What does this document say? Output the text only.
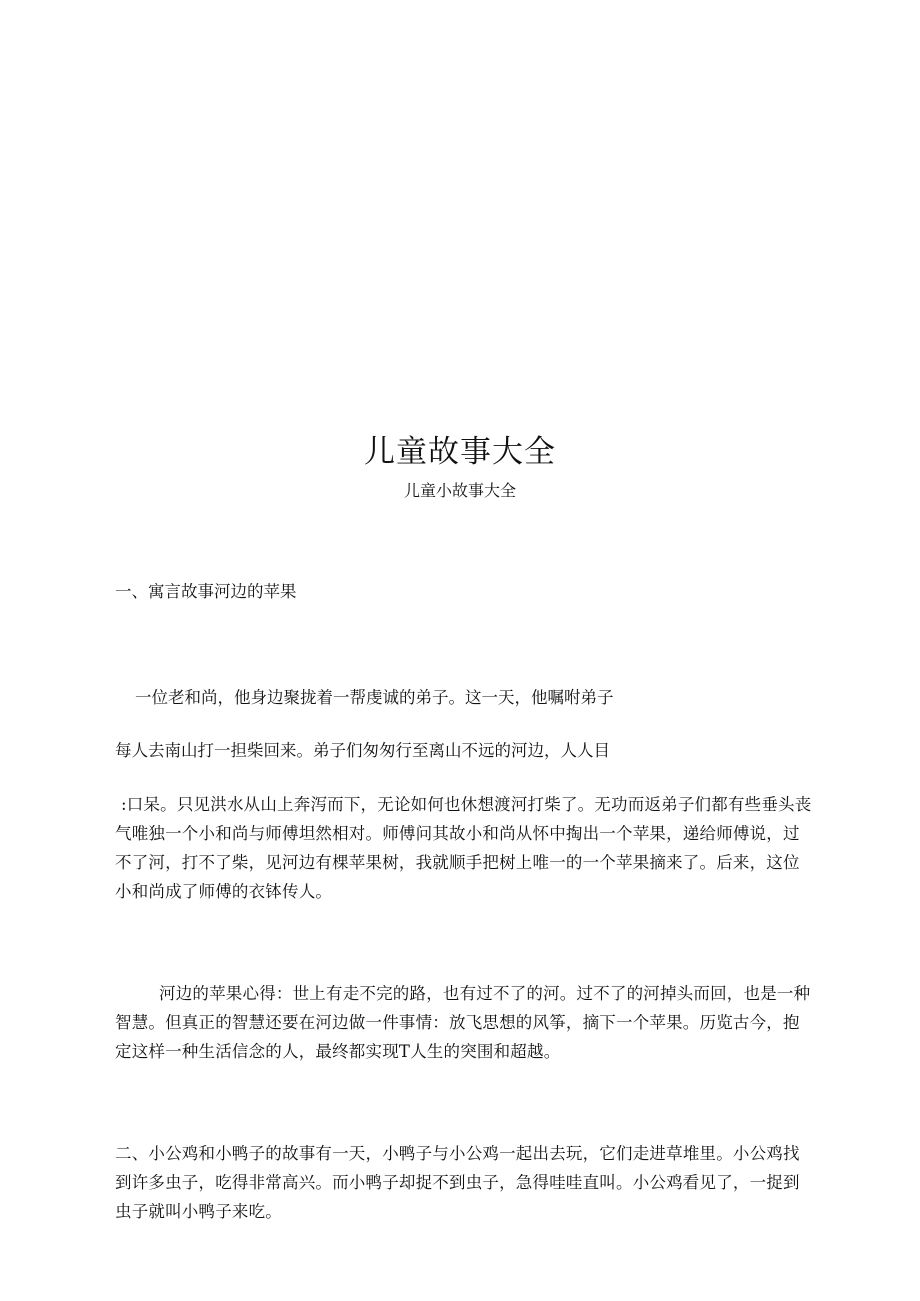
儿童故事大全
儿童小故事大全
一、寓言故事河边的苹果
一位老和尚，他身边聚拢着一帮虔诚的弟子。这一天，他嘱咐弟子
每人去南山打一担柴回来。弟子们匆匆行至离山不远的河边，人人目

:口呆。只见洪水从山上奔泻而下，无论如何也休想渡河打柴了。无功而返弟子们都有些垂头丧气唯独一个小和尚与师傅坦然相对。师傅问其故小和尚从怀中掏出一个苹果，递给师傅说，过不了河，打不了柴，见河边有棵苹果树，我就顺手把树上唯一的一个苹果摘来了。后来，这位小和尚成了师傅的衣钵传人。

河边的苹果心得：世上有走不完的路，也有过不了的河。过不了的河掉头而回，也是一种智慧。但真正的智慧还要在河边做一件事情：放飞思想的风筝，摘下一个苹果。历览古今，抱定这样一种生活信念的人，最终都实现T人生的突围和超越。

二、小公鸡和小鸭子的故事有一天，小鸭子与小公鸡一起出去玩，它们走进草堆里。小公鸡找到许多虫子，吃得非常高兴。而小鸭子却捉不到虫子，急得哇哇直叫。小公鸡看见了，一捉到虫子就叫小鸭子来吃。
